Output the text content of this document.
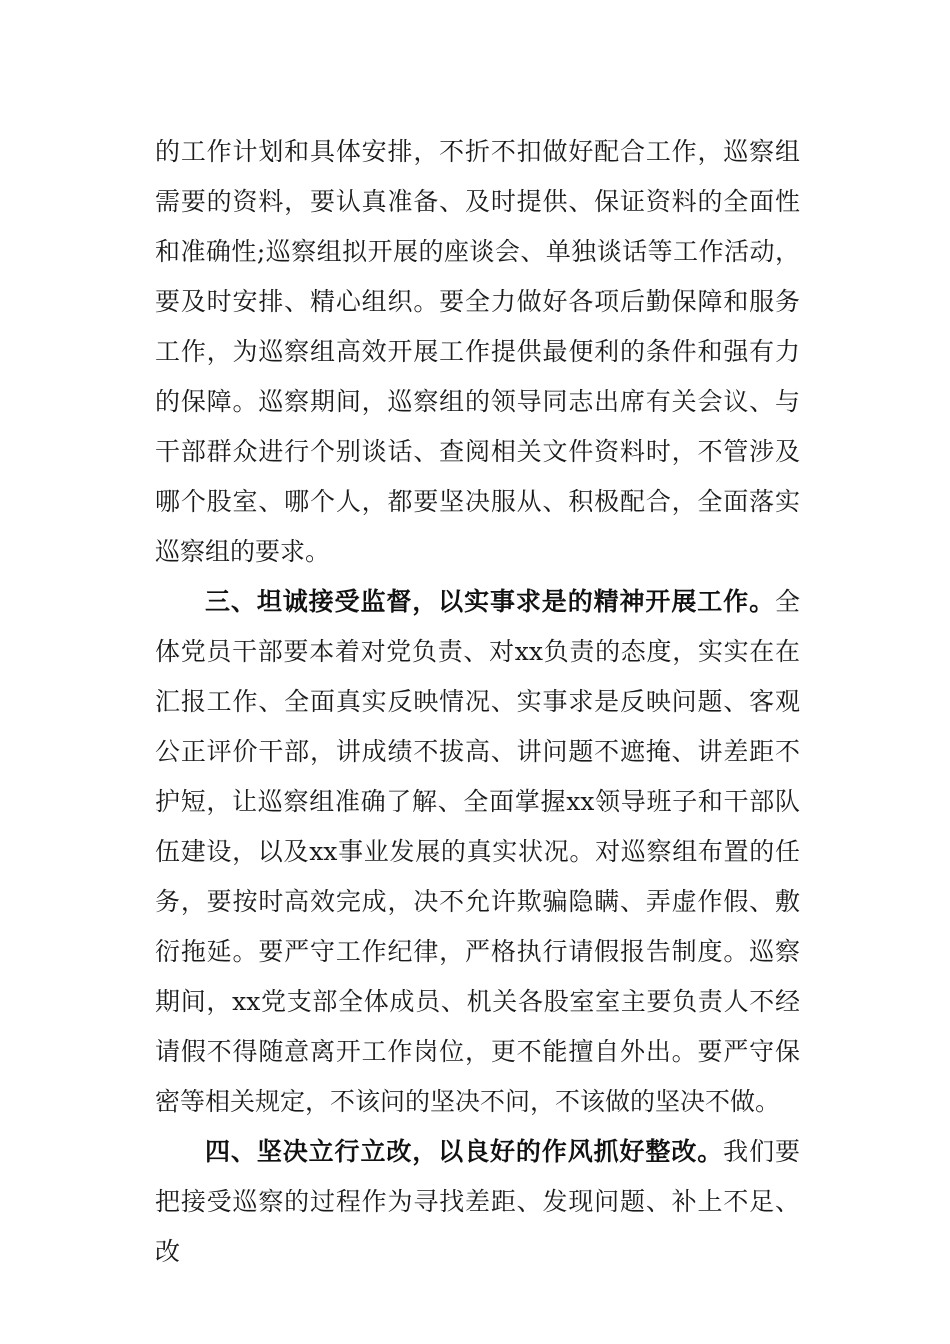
的工作计划和具体安排，不折不扣做好配合工作，巡察组需要的资料，要认真准备、及时提供、保证资料的全面性和准确性;巡察组拟开展的座谈会、单独谈话等工作活动，要及时安排、精心组织。要全力做好各项后勤保障和服务工作，为巡察组高效开展工作提供最便利的条件和强有力的保障。巡察期间，巡察组的领导同志出席有关会议、与干部群众进行个别谈话、查阅相关文件资料时，不管涉及哪个股室、哪个人，都要坚决服从、积极配合，全面落实巡察组的要求。

三、坦诚接受监督，以实事求是的精神开展工作。全体党员干部要本着对党负责、对xx负责的态度，实实在在汇报工作、全面真实反映情况、实事求是反映问题、客观公正评价干部，讲成绩不拔高、讲问题不遮掩、讲差距不护短，让巡察组准确了解、全面掌握xx领导班子和干部队伍建设，以及xx事业发展的真实状况。对巡察组布置的任务，要按时高效完成，决不允许欺骗隐瞒、弄虚作假、敷衍拖延。要严守工作纪律，严格执行请假报告制度。巡察期间，xx党支部全体成员、机关各股室室主要负责人不经请假不得随意离开工作岗位，更不能擅自外出。要严守保密等相关规定，不该问的坚决不问，不该做的坚决不做。

四、坚决立行立改，以良好的作风抓好整改。我们要把接受巡察的过程作为寻找差距、发现问题、补上不足、改
